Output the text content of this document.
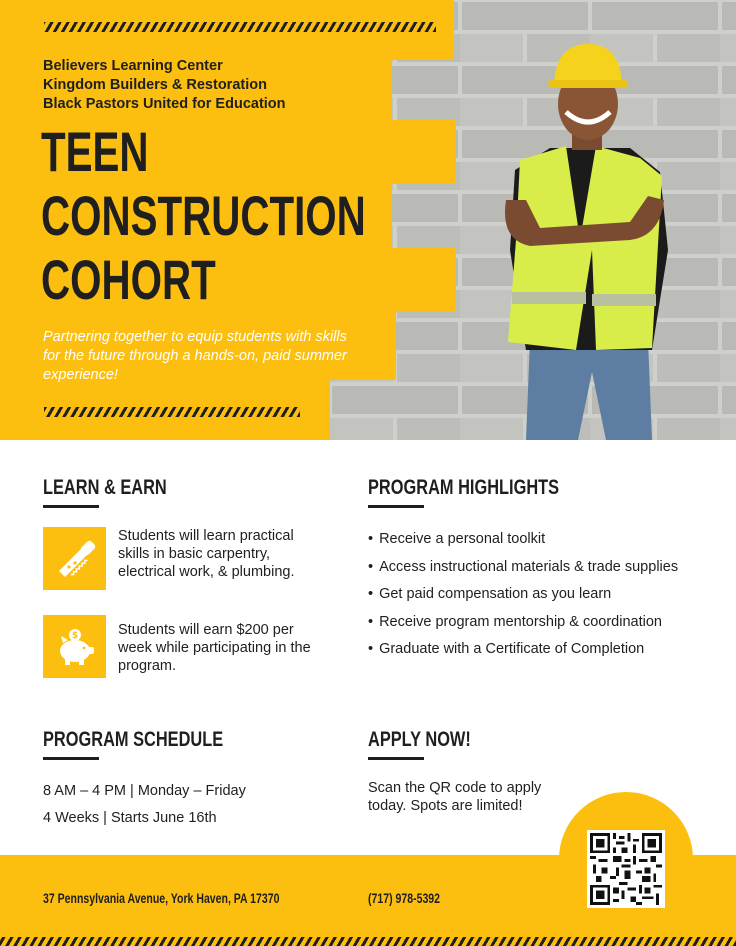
Believers Learning Center
Kingdom Builders & Restoration
Black Pastors United for Education
TEEN
CONSTRUCTION
COHORT
Partnering together to equip students with skills for the future through a hands-on, paid summer experience!
LEARN & EARN
Students will learn practical skills in basic carpentry, electrical work, & plumbing.
$	Students will earn $200 per week while participating in the program.
PROGRAM HIGHLIGHTS
• Receive a personal toolkit
• Access instructional materials & trade supplies
• Get paid compensation as you learn
• Receive program mentorship & coordination
• Graduate with a Certificate of Completion
PROGRAM SCHEDULE
8 AM – 4 PM | Monday – Friday
4 Weeks | Starts June 16th
APPLY NOW!
Scan the QR code to apply today. Spots are limited!
37 Pennsylvania Avenue, York Haven, PA 17370	(717) 978-5392
